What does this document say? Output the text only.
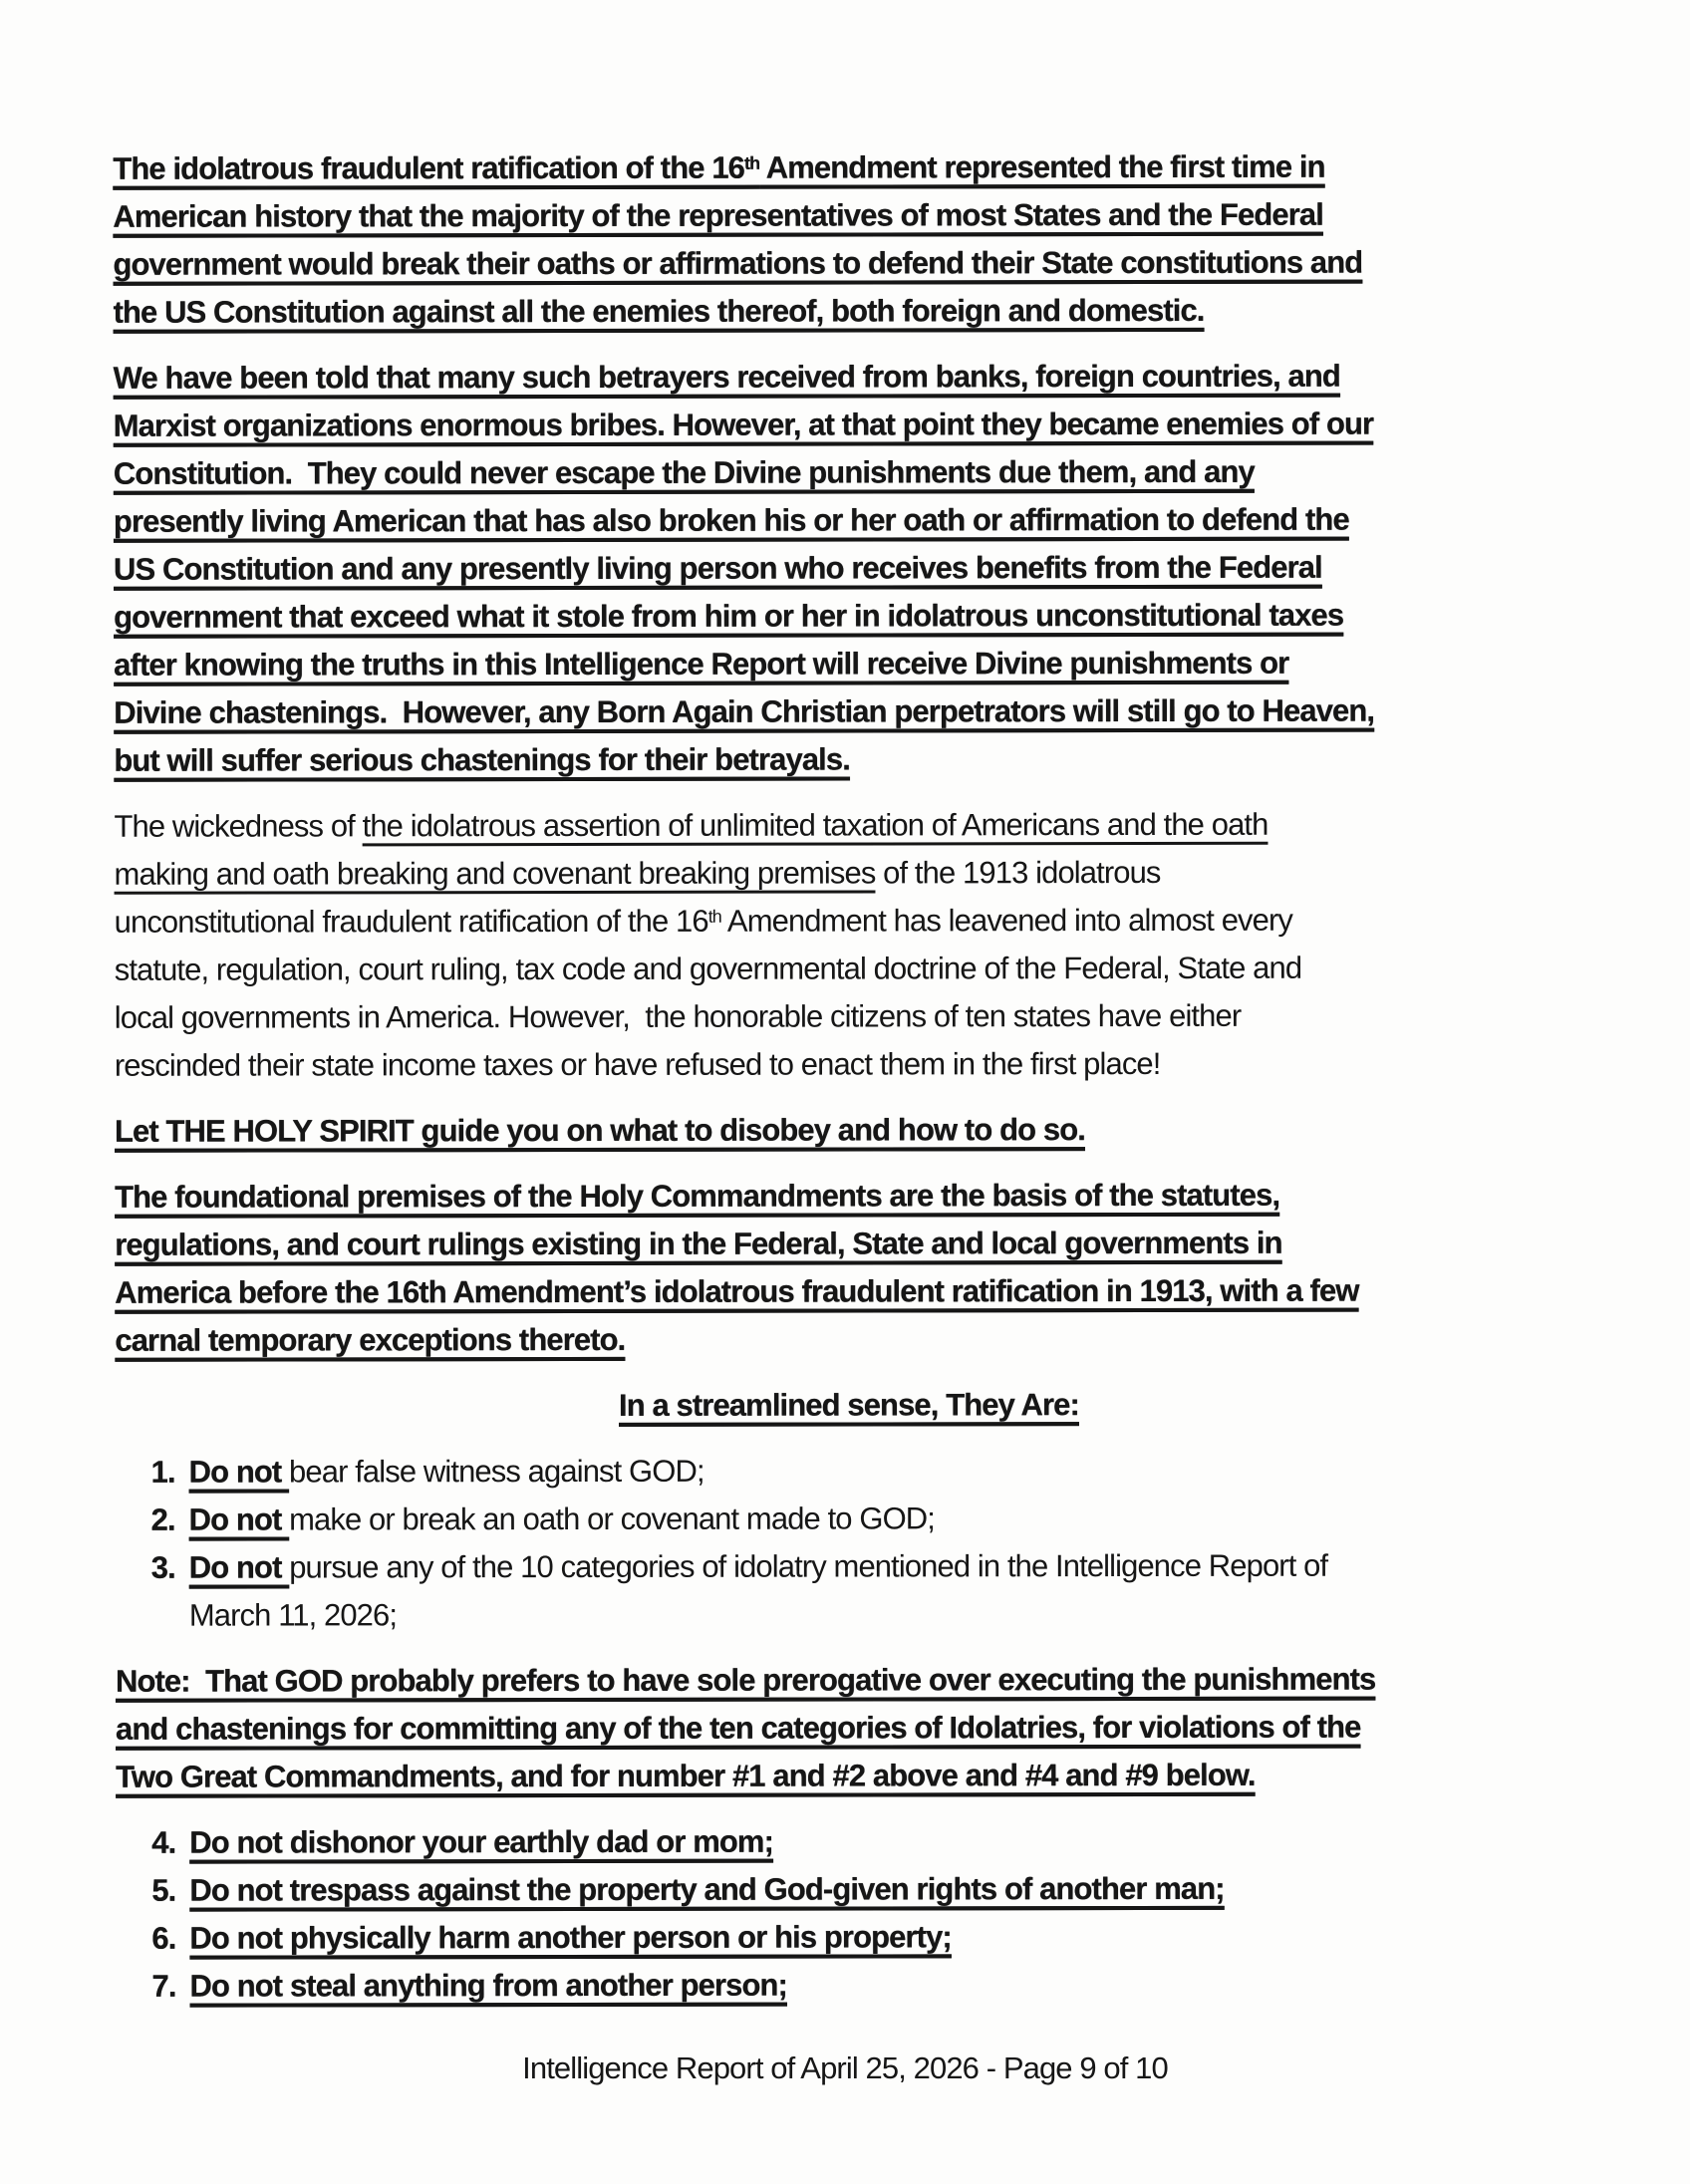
The idolatrous fraudulent ratification of the 16th Amendment represented the first time in
American history that the majority of the representatives of most States and the Federal
government would break their oaths or affirmations to defend their State constitutions and
the US Constitution against all the enemies thereof, both foreign and domestic.
We have been told that many such betrayers received from banks, foreign countries, and
Marxist organizations enormous bribes. However, at that point they became enemies of our
Constitution.  They could never escape the Divine punishments due them, and any
presently living American that has also broken his or her oath or affirmation to defend the
US Constitution and any presently living person who receives benefits from the Federal
government that exceed what it stole from him or her in idolatrous unconstitutional taxes
after knowing the truths in this Intelligence Report will receive Divine punishments or
Divine chastenings.  However, any Born Again Christian perpetrators will still go to Heaven,
but will suffer serious chastenings for their betrayals.
The wickedness of the idolatrous assertion of unlimited taxation of Americans and the oath
making and oath breaking and covenant breaking premises of the 1913 idolatrous
unconstitutional fraudulent ratification of the 16th Amendment has leavened into almost every
statute, regulation, court ruling, tax code and governmental doctrine of the Federal, State and
local governments in America. However,  the honorable citizens of ten states have either
rescinded their state income taxes or have refused to enact them in the first place!
Let THE HOLY SPIRIT guide you on what to disobey and how to do so.
The foundational premises of the Holy Commandments are the basis of the statutes,
regulations, and court rulings existing in the Federal, State and local governments in
America before the 16th Amendment’s idolatrous fraudulent ratification in 1913, with a few
carnal temporary exceptions thereto.
In a streamlined sense, They Are:
1. Do not bear false witness against GOD;
2. Do not make or break an oath or covenant made to GOD;
3. Do not pursue any of the 10 categories of idolatry mentioned in the Intelligence Report of
March 11, 2026;
Note:  That GOD probably prefers to have sole prerogative over executing the punishments
and chastenings for committing any of the ten categories of Idolatries, for violations of the
Two Great Commandments, and for number #1 and #2 above and #4 and #9 below.
4. Do not dishonor your earthly dad or mom;
5. Do not trespass against the property and God-given rights of another man;
6. Do not physically harm another person or his property;
7. Do not steal anything from another person;
Intelligence Report of April 25, 2026 - Page 9 of 10
